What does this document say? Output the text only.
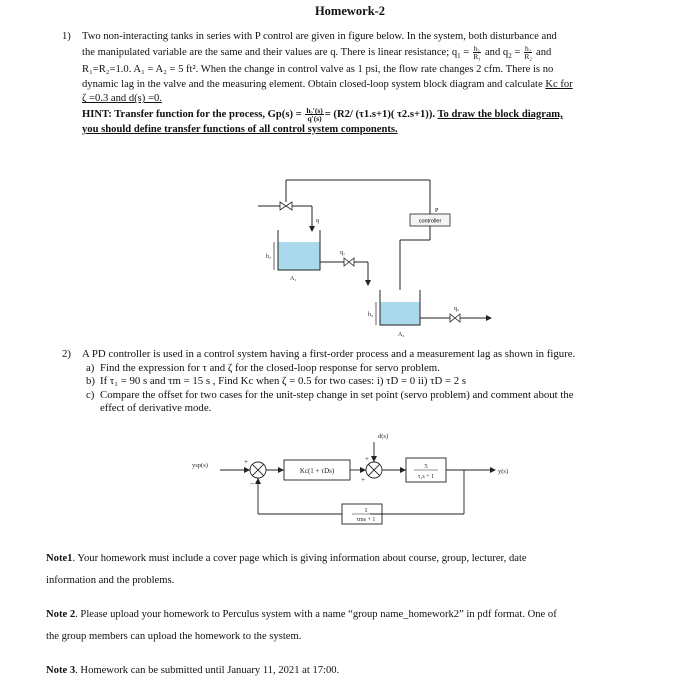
Homework-2
1)	Two non-interacting tanks in series with P control are given in figure below. In the system, both disturbance and
the manipulated variable are the same and their values are q. There is linear resistance; $q_1 = \frac{\text{h₁}}{\text{R₁}}$ and $q_2 = \frac{\text{h₂}}{\text{R₂}}$ and
R₁=R₂=1.0. A₁ = A₂ = 5 ft². When the change in control valve as 1 psi, the flow rate changes 2 cfm. There is no
dynamic lag in the valve and the measuring element. Obtain closed-loop system block diagram and calculate Kc for
ζ =0.3 and d(s) =0.
HINT: Transfer function for the process, $Gp(s) = \frac{\text{h₂'(s)}}{q'(s)} = (R2/$ (τ1.s+1)( τ2.s+1)). To draw the block diagram,
you should define transfer functions of all control system components.
controller
P
h₁
h₂
q
q₁
q₂
A₁
A₂
2) A PD controller is used in a control system having a first-order process and a measurement lag as shown in figure.
a) Find the expression for τ and ζ for the closed-loop response for servo problem.
b) If τ₁ = 90 s and τm = 15 s , Find Kc when ζ = 0.5 for two cases: i) τD = 0 ii) τD = 2 s
c) Compare the offset for two cases for the unit-step change in set point (servo problem) and comment about the
effect of derivative mode.
ysp(s)
d(s)
y(s)
Kc(1 + τDs)
5
τ₁s + 1
1
τms + 1
+
−
+
+
Note1. Your homework must include a cover page which is giving information about course, group, lecturer, date
information and the problems.
Note 2. Please upload your homework to Perculus system with a name “group name_homework2” in pdf format. One of
the group members can upload the homework to the system.
Note 3. Homework can be submitted until January 11, 2021 at 17:00.
